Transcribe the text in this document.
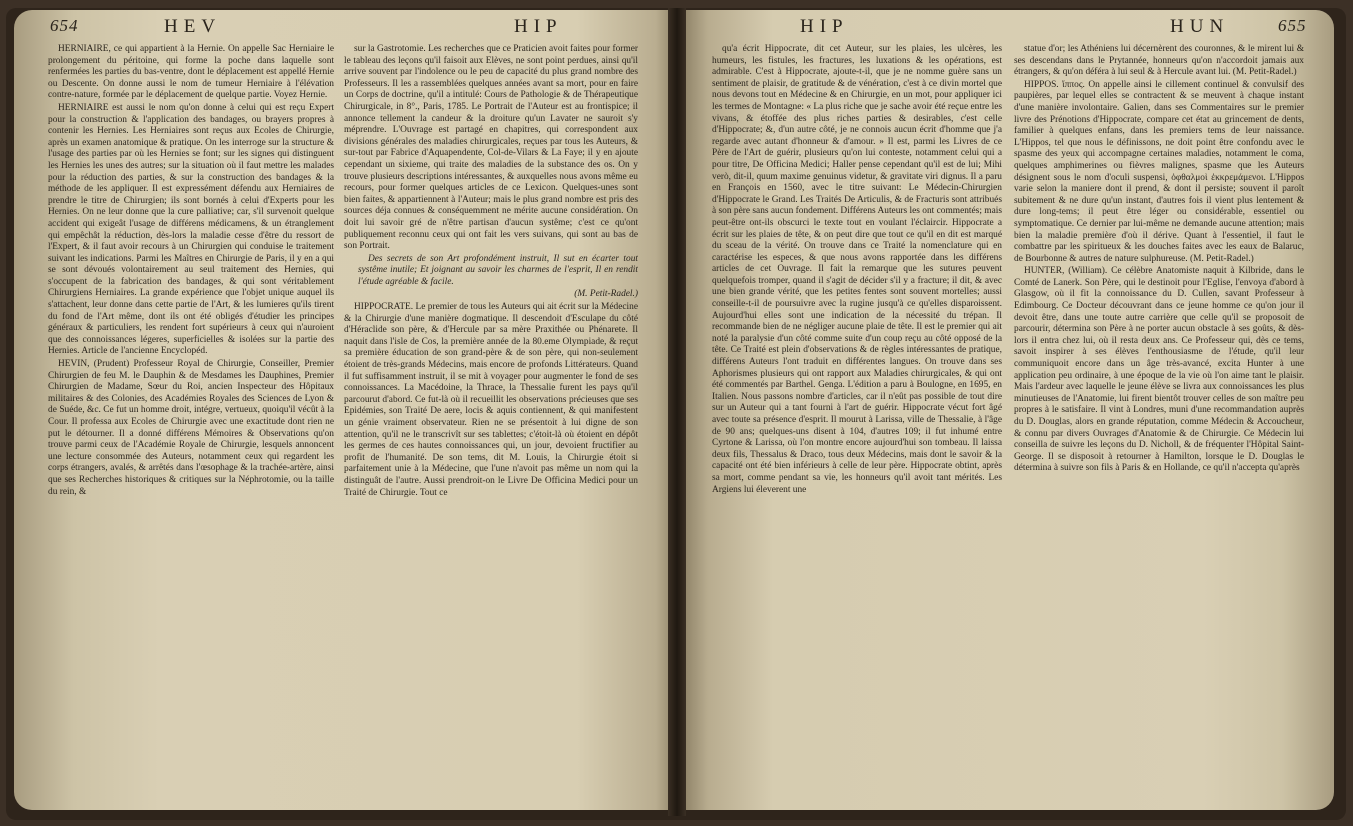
654	HEV	HIP

HERNIAIRE, ce qui appartient à la Hernie. On appelle Sac Herniaire le prolongement du péritoine, qui forme la poche dans laquelle sont renfermées les parties du bas-ventre, dont le déplacement est appellé Hernie ou Descente. On donne aussi le nom de tumeur Herniaire à l'élévation contre-nature, formée par le déplacement de quelque partie. Voyez Hernie.

HERNIAIRE est aussi le nom qu'on donne à celui qui est reçu Expert pour la construction & l'application des bandages, ou brayers propres à contenir les Hernies. Les Herniaires sont reçus aux Ecoles de Chirurgie, après un examen anatomique & pratique. On les interroge sur la structure & l'usage des parties par où les Hernies se font; sur les signes qui distinguent les Hernies les unes des autres; sur la situation où il faut mettre les malades pour la réduction des parties, & sur la construction des bandages & la méthode de les appliquer. Il est expressément défendu aux Herniaires de prendre le titre de Chirurgien; ils sont bornés à celui d'Experts pour les Hernies. On ne leur donne que la cure palliative; car, s'il survenoit quelque accident qui exigeât l'usage de différens médicamens, & un étranglement qui empêchât la réduction, dès-lors la maladie cesse d'être du ressort de l'Expert, & il faut avoir recours à un Chirurgien qui conduise le traitement suivant les indications. Parmi les Maîtres en Chirurgie de Paris, il y en a qui se sont dévoués volontairement au seul traitement des Hernies, qui s'occupent de la fabrication des bandages, & qui sont véritablement Chirurgiens Herniaires. La grande expérience que l'objet unique auquel ils s'attachent, leur donne dans cette partie de l'Art, & les lumieres qu'ils tirent du fond de l'Art même, dont ils ont été obligés d'étudier les principes généraux & particuliers, les rendent fort supérieurs à ceux qui n'auroient que des connoissances légeres, superficielles & isolées sur la partie des Hernies. Article de l'ancienne Encyclopéd.

HEVIN, (Prudent) Professeur Royal de Chirurgie, Conseiller, Premier Chirurgien de feu M. le Dauphin & de Mesdames les Dauphines, Premier Chirurgien de Madame, Sœur du Roi, ancien Inspecteur des Hôpitaux militaires & des Colonies, des Académies Royales des Sciences de Lyon & de Suéde, &c. Ce fut un homme droit, intégre, vertueux, quoiqu'il vécût à la Cour. Il professa aux Ecoles de Chirurgie avec une exactitude dont rien ne put le détourner. Il a donné différens Mémoires & Observations qu'on trouve parmi ceux de l'Académie Royale de Chirurgie, lesquels annoncent une lecture consommée des Auteurs, notamment ceux qui regardent les corps étrangers, avalés, & arrêtés dans l'œsophage & la trachée-artère, ainsi que ses Recherches historiques & critiques sur la Néphrotomie, ou la taille du rein, &

sur la Gastrotomie. Les recherches que ce Praticien avoit faites pour former le tableau des leçons qu'il faisoit aux Elèves, ne sont point perdues, ainsi qu'il arrive souvent par l'indolence ou le peu de capacité du plus grand nombre des Professeurs. Il les a rassemblées quelques années avant sa mort, pour en faire un Corps de doctrine, qu'il a intitulé: Cours de Pathologie & de Thérapeutique Chirurgicale, in 8°., Paris, 1785. Le Portrait de l'Auteur est au frontispice; il annonce tellement la candeur & la droiture qu'un Lavater ne sauroit s'y méprendre. L'Ouvrage est partagé en chapitres, qui correspondent aux divisions générales des maladies chirurgicales, reçues par tous les Auteurs, & sur-tout par Fabrice d'Aquapendente, Col-de-Vilars & La Faye; il y en ajoute cependant un sixieme, qui traite des maladies de la substance des os. On y trouve plusieurs descriptions intéressantes, & auxquelles nous avons même eu recours, pour former quelques articles de ce Lexicon. Quelques-unes sont bien faites, & appartiennent à l'Auteur; mais le plus grand nombre est pris des sources déja connues & conséquemment ne mérite aucune considération. On doit lui savoir gré de n'être partisan d'aucun systême; c'est ce qu'ont publiquement reconnu ceux qui ont fait les vers suivans, qui sont au bas de son Portrait.

Des secrets de son Art profondément instruit, Il sut en écarter tout systême inutile; Et joignant au savoir les charmes de l'esprit, Il en rendit l'étude agréable & facile.

(M. Petit-Radel.)

HIPPOCRATE. Le premier de tous les Auteurs qui ait écrit sur la Médecine & la Chirurgie d'une manière dogmatique. Il descendoit d'Esculape du côté d'Héraclide son père, & d'Hercule par sa mère Praxithée ou Phénarete. Il naquit dans l'isle de Cos, la première année de la 80.eme Olympiade, & reçut sa première éducation de son grand-père & de son père, qui non-seulement étoient de très-grands Médecins, mais encore de profonds Littérateurs. Quand il fut suffisamment instruit, il se mit à voyager pour augmenter le fond de ses connoissances. La Macédoine, la Thrace, la Thessalie furent les pays qu'il parcourut d'abord. Ce fut-là où il recueillit les observations précieuses que ses Epidémies, son Traité De aere, locis & aquis contiennent, & qui manifestent un génie vraiment observateur. Rien ne se présentoit à lui digne de son attention, qu'il ne le transcrivît sur ses tablettes; c'étoit-là où étoient en dépôt les germes de ces hautes connoissances qui, un jour, devoient fructifier au profit de l'humanité. De son tems, dit M. Louis, la Chirurgie étoit si parfaitement unie à la Médecine, que l'une n'avoit pas même un nom qui la distinguât de l'autre. Aussi prendroit-on le Livre De Officina Medici pour un Traité de Chirurgie. Tout ce

HIP	HUN	655

qu'a écrit Hippocrate, dit cet Auteur, sur les plaies, les ulcères, les humeurs, les fistules, les fractures, les luxations & les opérations, est admirable. C'est à Hippocrate, ajoute-t-il, que je ne nomme guère sans un sentiment de plaisir, de gratitude & de vénération, c'est à ce divin mortel que nous devons tout en Médecine & en Chirurgie, en un mot, pour appliquer ici les termes de Montagne: « La plus riche que je sache avoir été reçue entre les vivans, & étoffée des plus riches parties & desirables, c'est celle d'Hippocrate; &, d'un autre côté, je ne connois aucun écrit d'homme que j'a regarde avec autant d'honneur & d'amour. » Il est, parmi les Livres de ce Père de l'Art de guérir, plusieurs qu'on lui conteste, notamment celui qui a pour titre, De Officina Medici; Haller pense cependant qu'il est de lui; Mihi verò, dit-il, quum maxime genuinus videtur, & gravitate viri dignus. Il a paru en François en 1560, avec le titre suivant: Le Médecin-Chirurgien d'Hippocrate le Grand. Les Traités De Articulis, & de Fracturis sont attribués à son père sans aucun fondement. Différens Auteurs les ont commentés; mais peut-être ont-ils obscurci le texte tout en voulant l'éclaircir. Hippocrate a écrit sur les plaies de tête, & on peut dire que tout ce qu'il en dit est marqué du sceau de la vérité. On trouve dans ce Traité la nomenclature qui en caractérise les especes, & que nous avons rapportée dans les différens articles de cet Ouvrage. Il fait la remarque que les sutures peuvent quelquefois tromper, quand il s'agit de décider s'il y a fracture; il dit, & avec une bien grande vérité, que les petites fentes sont souvent mortelles; aussi conseille-t-il de poursuivre avec la rugine jusqu'à ce qu'elles disparoissent. Aujourd'hui elles sont une indication de la nécessité du trépan. Il recommande bien de ne négliger aucune plaie de tête. Il est le premier qui ait noté la paralysie d'un côté comme suite d'un coup reçu au côté opposé de la tête. Ce Traité est plein d'observations & de règles intéressantes de pratique, différens Auteurs l'ont traduit en différentes langues. On trouve dans ses Aphorismes plusieurs qui ont rapport aux Maladies chirurgicales, & qui ont été commentés par Barthel. Genga. L'édition a paru à Boulogne, en 1695, en Italien. Nous passons nombre d'articles, car il n'eût pas possible de tout dire sur un Auteur qui a tant fourni à l'art de guérir. Hippocrate vécut fort âgé avec toute sa présence d'esprit. Il mourut à Larissa, ville de Thessalie, à l'âge de 90 ans; quelques-uns disent à 104, d'autres 109; il fut inhumé entre Cyrtone & Larissa, où l'on montre encore aujourd'hui son tombeau. Il laissa deux fils, Thessalus & Draco, tous deux Médecins, mais dont le savoir & la capacité ont été bien inférieurs à celle de leur père. Hippocrate obtint, après sa mort, comme pendant sa vie, les honneurs qu'il avoit tant mérités. Les Argiens lui éleverent une

statue d'or; les Athéniens lui décernèrent des couronnes, & le mirent lui & ses descendans dans le Prytannée, honneurs qu'on n'accordoit jamais aux étrangers, & qu'on déféra à lui seul & à Hercule avant lui. (M. Petit-Radel.)

HIPPOS. ἵππος. On appelle ainsi le cillement continuel & convulsif des paupières, par lequel elles se contractent & se meuvent à chaque instant d'une manière involontaire. Galien, dans ses Commentaires sur le premier livre des Prénotions d'Hippocrate, compare cet état au grincement de dents, familier à quelques enfans, dans les premiers tems de leur naissance. L'Hippos, tel que nous le définissons, ne doit point être confondu avec le spasme des yeux qui accompagne certaines maladies, notamment le coma, quelques amphimerines ou fièvres malignes, spasme que les Auteurs désignent sous le nom d'oculi suspensi, ὀφθαλμοὶ ἐκκρεμάμενοι. L'Hippos varie selon la maniere dont il prend, & dont il persiste; souvent il paroît subitement & ne dure qu'un instant, d'autres fois il vient plus lentement & dure long-tems; il peut être léger ou considérable, essentiel ou symptomatique. Ce dernier par lui-même ne demande aucune attention; mais bien la maladie première d'où il dérive. Quant à l'essentiel, il faut le combattre par les spiritueux & les douches faites avec les eaux de Balaruc, de Bourbonne & autres de nature sulphureuse. (M. Petit-Radel.)

HUNTER, (William). Ce célèbre Anatomiste naquit à Kilbride, dans le Comté de Lanerk. Son Père, qui le destinoit pour l'Eglise, l'envoya d'abord à Glasgow, où il fit la connoissance du D. Cullen, savant Professeur à Edimbourg. Ce Docteur découvrant dans ce jeune homme ce qu'on jour il devoit être, dans une toute autre carrière que celle qu'il se proposoit de parcourir, détermina son Père à ne porter aucun obstacle à ses goûts, & dès-lors il entra chez lui, où il resta deux ans. Ce Professeur qui, dès ce tems, savoit inspirer à ses élèves l'enthousiasme de l'étude, qu'il leur communiquoit encore dans un âge très-avancé, excita Hunter à une application peu ordinaire, à une époque de la vie où l'on aime tant le plaisir. Mais l'ardeur avec laquelle le jeune élève se livra aux connoissances les plus minutieuses de l'Anatomie, lui firent bientôt trouver celles de son maître peu propres à le satisfaire. Il vint à Londres, muni d'une recommandation auprès du D. Douglas, alors en grande réputation, comme Médecin & Accoucheur, & connu par divers Ouvrages d'Anatomie & de Chirurgie. Ce Médecin lui conseilla de suivre les leçons du D. Nicholl, & de fréquenter l'Hôpital Saint-George. Il se disposoit à retourner à Hamilton, lorsque le D. Douglas le détermina à suivre son fils à Paris & en Hollande, ce qu'il n'accepta qu'après
